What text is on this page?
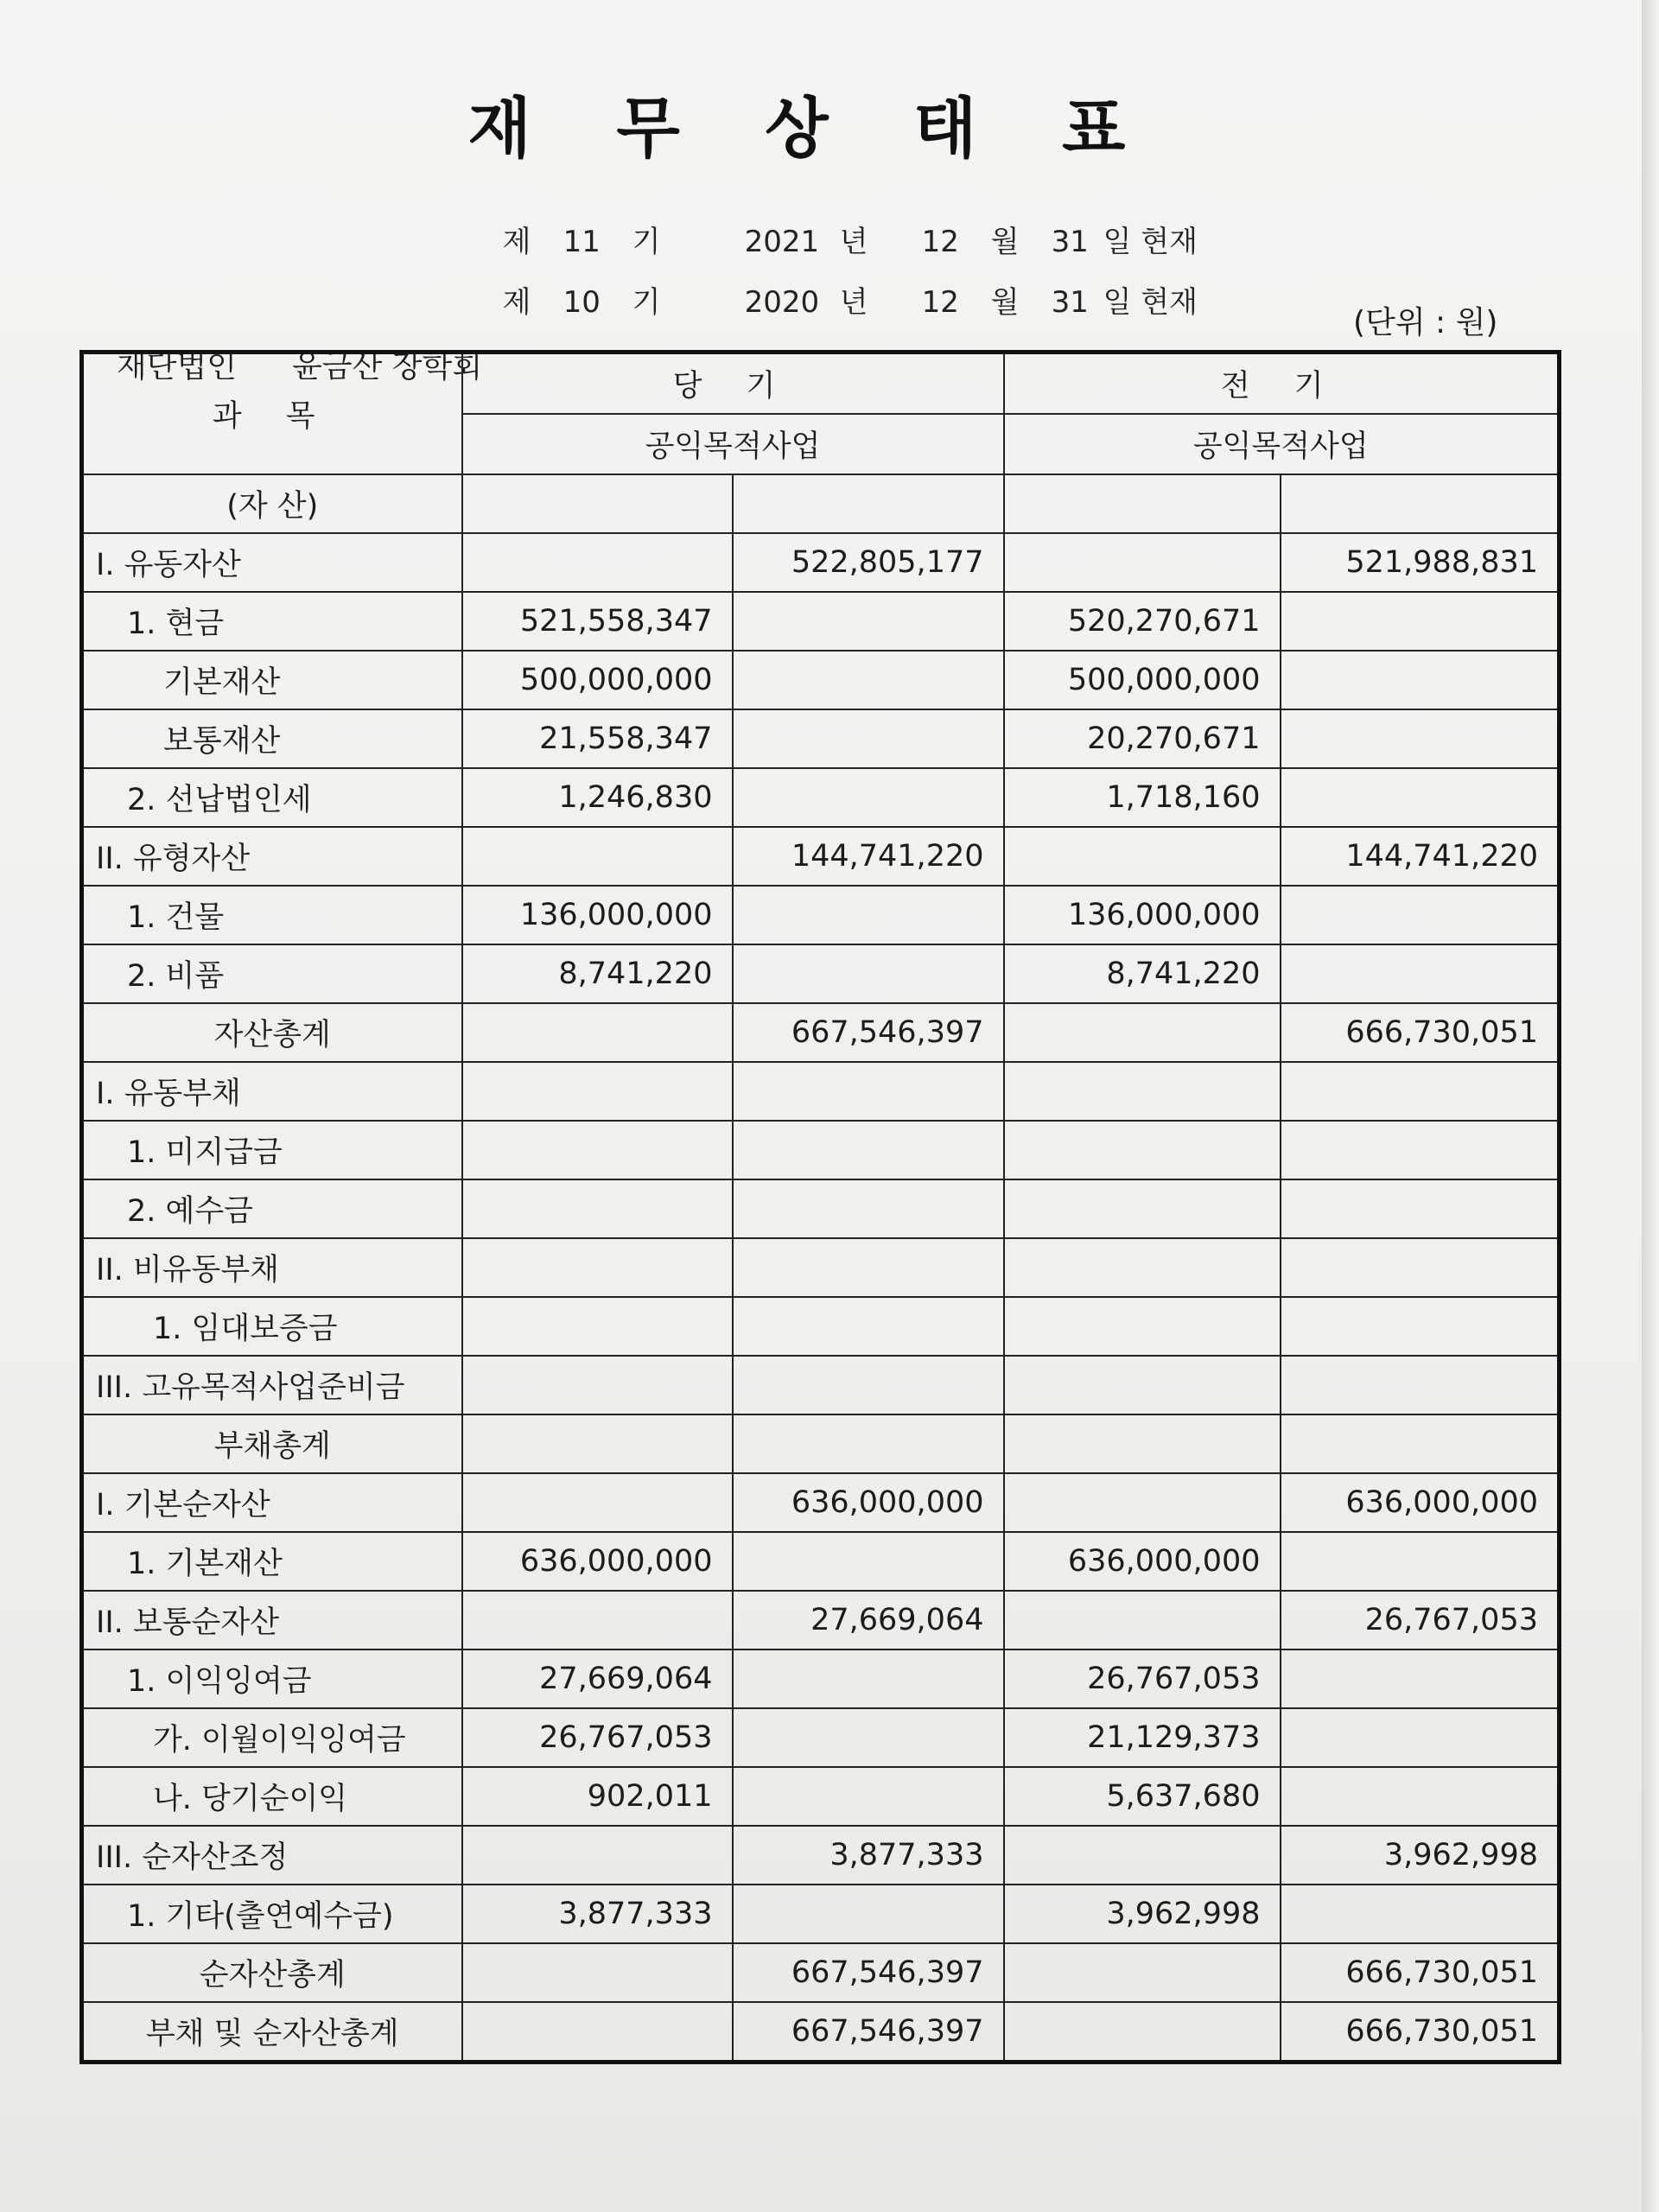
재 무 상 태 표

제 11 기	2021 년 12 월 31 일 현재

제 10 기	2020 년 12 월 31 일 현재

재단법인 윤금산 장학회

(단위 : 원)
과 목	당 기		전 기	
	공익목적사업		공익목적사업	
(자 산)				
I. 유동자산		522,805,177		521,988,831
1. 현금	521,558,347		520,270,671	
기본재산	500,000,000		500,000,000	
보통재산	21,558,347		20,270,671	
2. 선납법인세	1,246,830		1,718,160	
II. 유형자산		144,741,220		144,741,220
1. 건물	136,000,000		136,000,000	
2. 비품	8,741,220		8,741,220	
자산총계		667,546,397		666,730,051
I. 유동부채				
1. 미지급금				
2. 예수금				
II. 비유동부채				
1. 임대보증금				
III. 고유목적사업준비금				
부채총계				
I. 기본순자산		636,000,000		636,000,000
1. 기본재산	636,000,000		636,000,000	
II. 보통순자산		27,669,064		26,767,053
1. 이익잉여금	27,669,064		26,767,053	
가. 이월이익잉여금	26,767,053		21,129,373	
나. 당기순이익	902,011		5,637,680	
III. 순자산조정		3,877,333		3,962,998
1. 기타(출연예수금)	3,877,333		3,962,998	
순자산총계		667,546,397		666,730,051
부채 및 순자산총계		667,546,397		666,730,051
